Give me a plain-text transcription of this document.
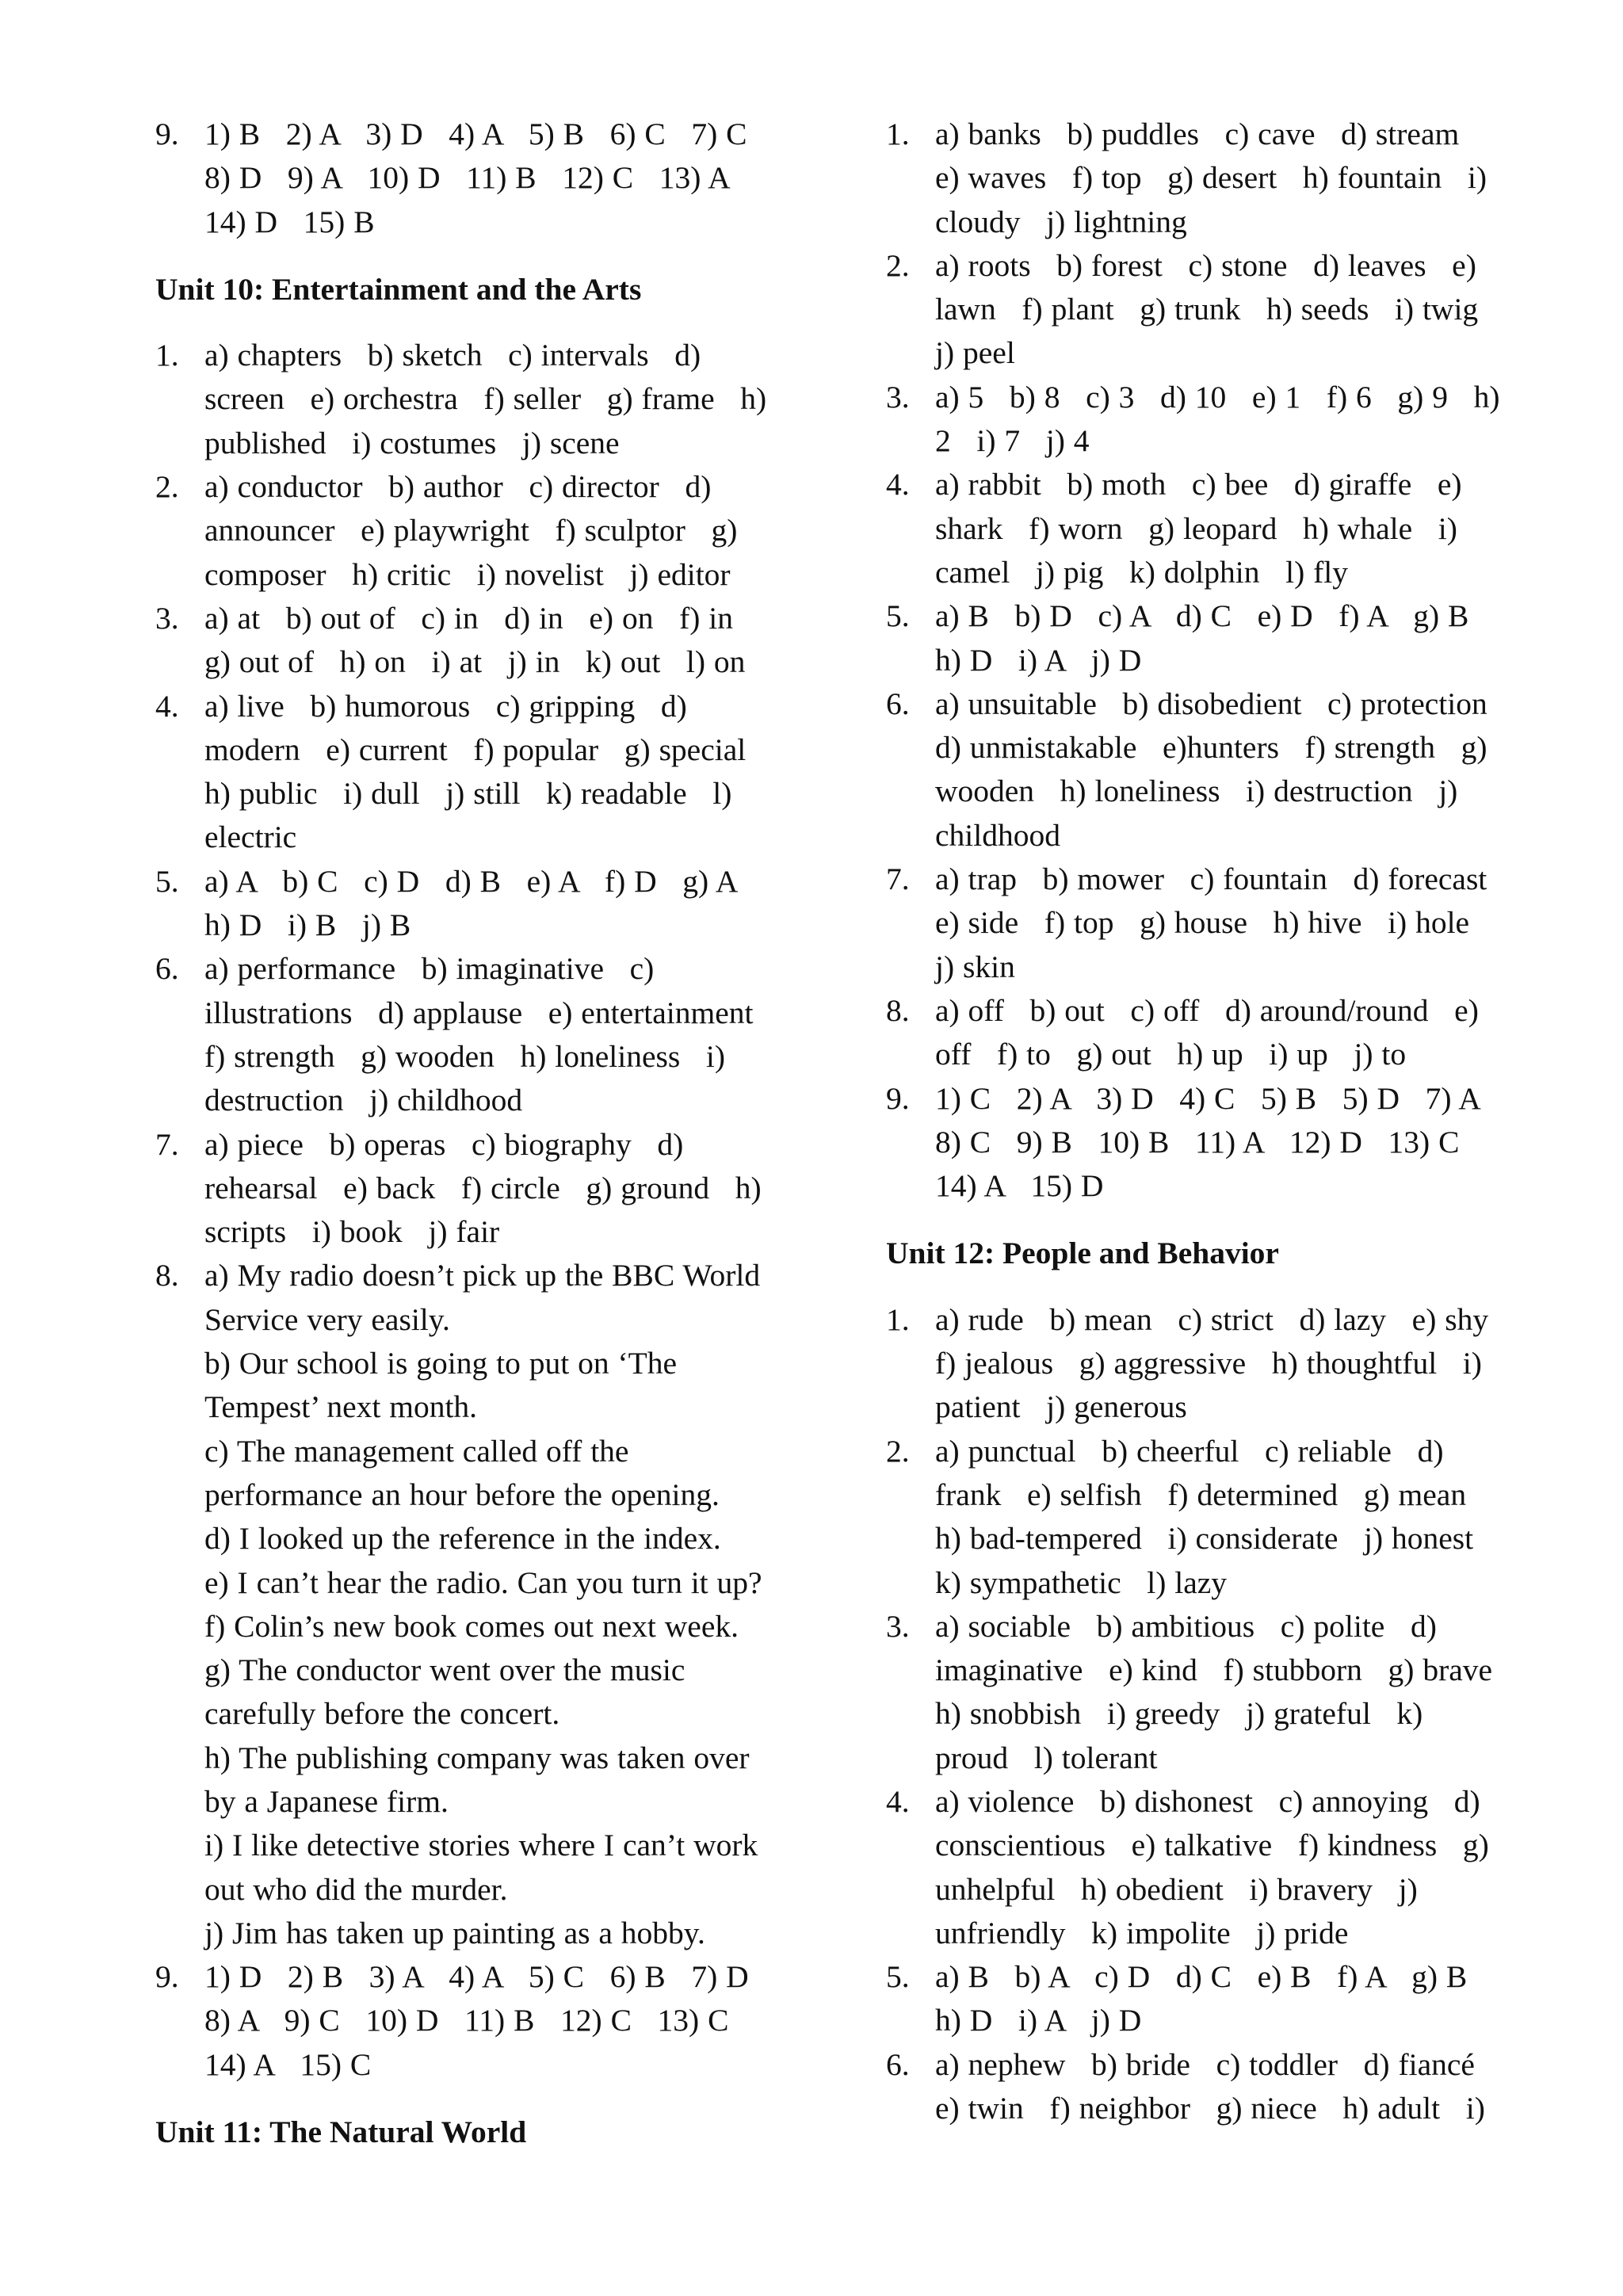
9. 1) B   2) A   3) D   4) A   5) B   6) C   7) C
8) D   9) A   10) D   11) B   12) C   13) A
14) D   15) B
Unit 10: Entertainment and the Arts
1. a) chapters   b) sketch   c) intervals   d)
screen   e) orchestra   f) seller   g) frame   h)
published   i) costumes   j) scene
2. a) conductor   b) author   c) director   d)
announcer   e) playwright   f) sculptor   g)
composer   h) critic   i) novelist   j) editor
3. a) at   b) out of   c) in   d) in   e) on   f) in
g) out of   h) on   i) at   j) in   k) out   l) on
4. a) live   b) humorous   c) gripping   d)
modern   e) current   f) popular   g) special
h) public   i) dull   j) still   k) readable   l)
electric
5. a) A   b) C   c) D   d) B   e) A   f) D   g) A
h) D   i) B   j) B
6. a) performance   b) imaginative   c)
illustrations   d) applause   e) entertainment
f) strength   g) wooden   h) loneliness   i)
destruction   j) childhood
7. a) piece   b) operas   c) biography   d)
rehearsal   e) back   f) circle   g) ground   h)
scripts   i) book   j) fair
8. a) My radio doesn’t pick up the BBC World
Service very easily.
b) Our school is going to put on ‘The
Tempest’ next month.
c) The management called off the
performance an hour before the opening.
d) I looked up the reference in the index.
e) I can’t hear the radio. Can you turn it up?
f) Colin’s new book comes out next week.
g) The conductor went over the music
carefully before the concert.
h) The publishing company was taken over
by a Japanese firm.
i) I like detective stories where I can’t work
out who did the murder.
j) Jim has taken up painting as a hobby.
9. 1) D   2) B   3) A   4) A   5) C   6) B   7) D
8) A   9) C   10) D   11) B   12) C   13) C
14) A   15) C
Unit 11: The Natural World
1. a) banks   b) puddles   c) cave   d) stream
e) waves   f) top   g) desert   h) fountain   i)
cloudy   j) lightning
2. a) roots   b) forest   c) stone   d) leaves   e)
lawn   f) plant   g) trunk   h) seeds   i) twig
j) peel
3. a) 5   b) 8   c) 3   d) 10   e) 1   f) 6   g) 9   h)
2   i) 7   j) 4
4. a) rabbit   b) moth   c) bee   d) giraffe   e)
shark   f) worn   g) leopard   h) whale   i)
camel   j) pig   k) dolphin   l) fly
5. a) B   b) D   c) A   d) C   e) D   f) A   g) B
h) D   i) A   j) D
6. a) unsuitable   b) disobedient   c) protection
d) unmistakable   e)hunters   f) strength   g)
wooden   h) loneliness   i) destruction   j)
childhood
7. a) trap   b) mower   c) fountain   d) forecast
e) side   f) top   g) house   h) hive   i) hole
j) skin
8. a) off   b) out   c) off   d) around/round   e)
off   f) to   g) out   h) up   i) up   j) to
9. 1) C   2) A   3) D   4) C   5) B   5) D   7) A
8) C   9) B   10) B   11) A   12) D   13) C
14) A   15) D
Unit 12: People and Behavior
1. a) rude   b) mean   c) strict   d) lazy   e) shy
f) jealous   g) aggressive   h) thoughtful   i)
patient   j) generous
2. a) punctual   b) cheerful   c) reliable   d)
frank   e) selfish   f) determined   g) mean
h) bad-tempered   i) considerate   j) honest
k) sympathetic   l) lazy
3. a) sociable   b) ambitious   c) polite   d)
imaginative   e) kind   f) stubborn   g) brave
h) snobbish   i) greedy   j) grateful   k)
proud   l) tolerant
4. a) violence   b) dishonest   c) annoying   d)
conscientious   e) talkative   f) kindness   g)
unhelpful   h) obedient   i) bravery   j)
unfriendly   k) impolite   j) pride
5. a) B   b) A   c) D   d) C   e) B   f) A   g) B
h) D   i) A   j) D
6. a) nephew   b) bride   c) toddler   d) fiancé
e) twin   f) neighbor   g) niece   h) adult   i)
